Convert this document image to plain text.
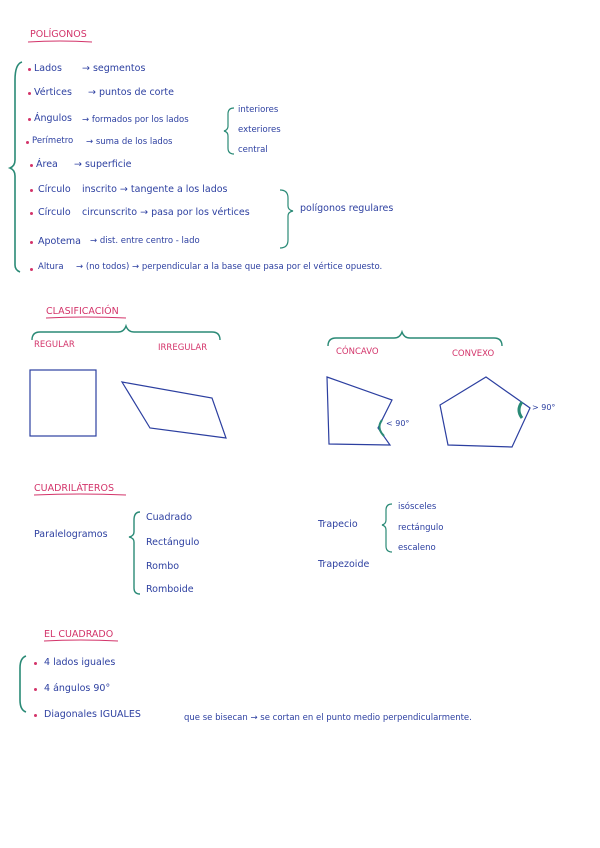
POLÍGONOS
Lados → segmentos
Vértices → puntos de corte
Ángulos → formados por los lados
Perímetro → suma de los lados
Área → superficie
Círculo inscrito → tangente a los lados
Círculo circunscrito → pasa por los vértices
Apotema → dist. entre centro - lado
Altura → (no todos) → perpendicular a la base que pasa por el vértice opuesto.
interiores
exteriores
central
polígonos regulares
CLASIFICACIÓN
REGULAR	IRREGULAR	CÓNCAVO	CONVEXO
< 90°
> 90°
CUADRILÁTEROS
Paralelogramos
Cuadrado
Rectángulo
Rombo
Romboide
Trapecio
isósceles
rectángulo
escaleno
Trapezoide
EL CUADRADO
4 lados iguales
4 ángulos 90°
Diagonales IGUALES	que se bisecan → se cortan en el punto medio perpendicularmente.
